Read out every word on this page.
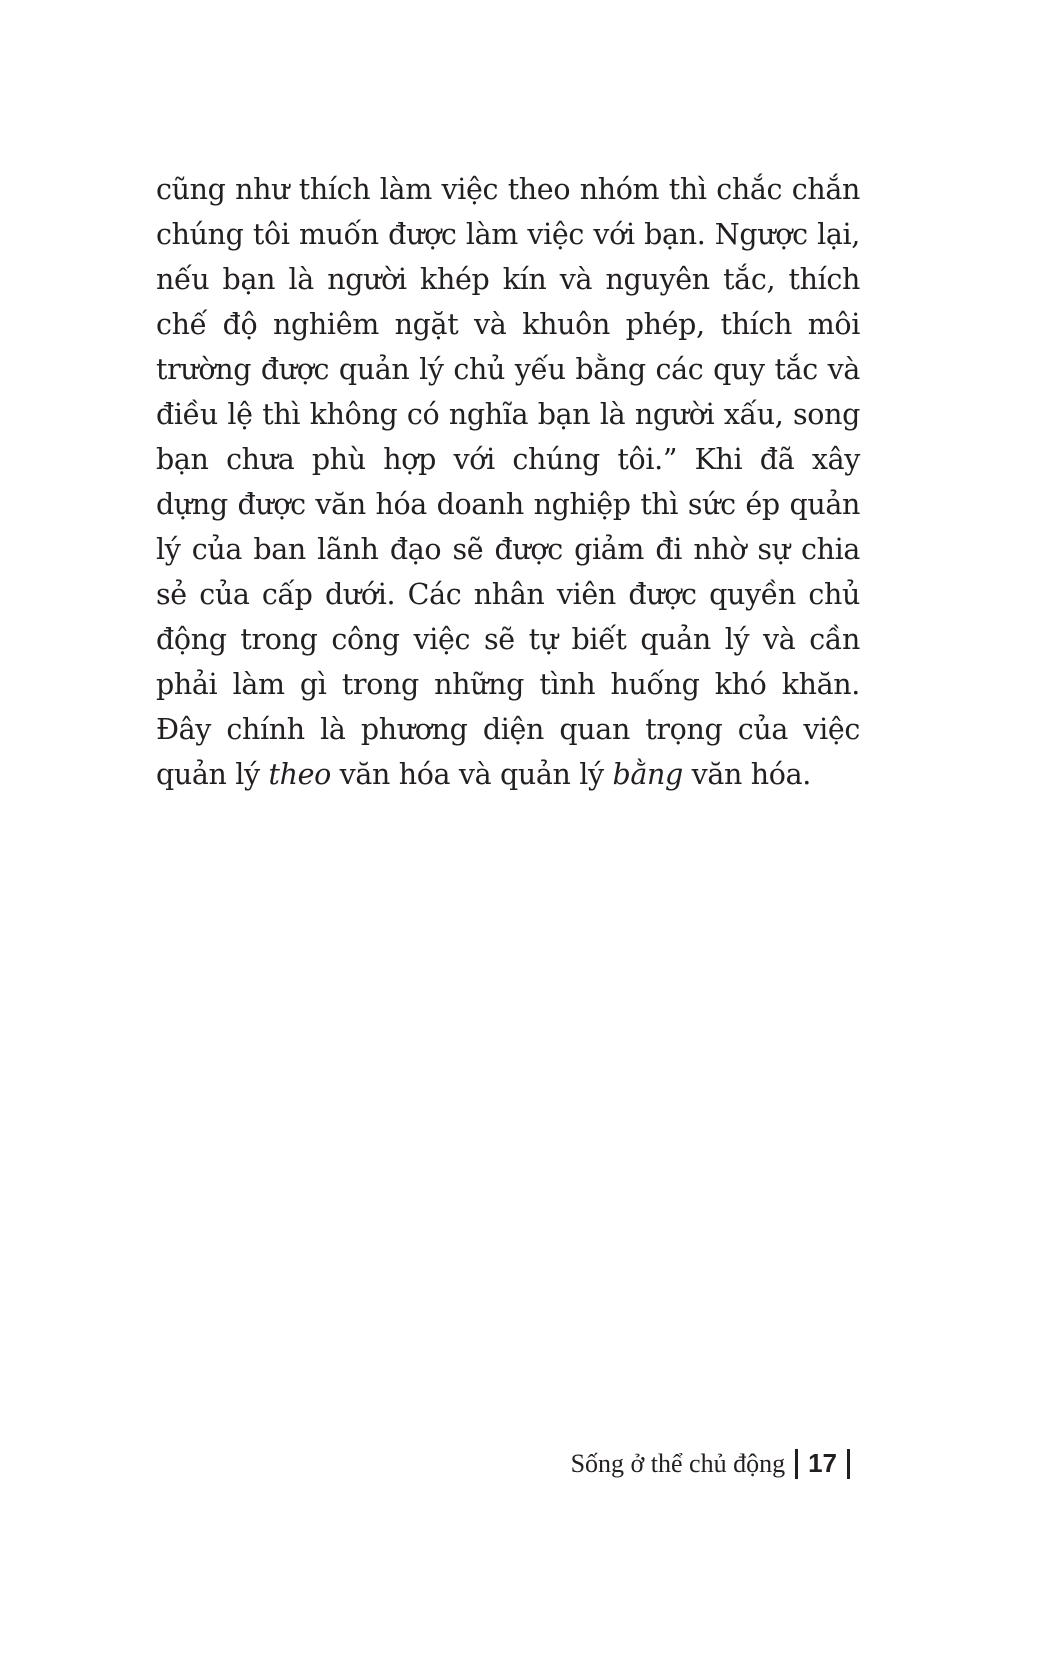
cũng như thích làm việc theo nhóm thì chắc chắn chúng tôi muốn được làm việc với bạn. Ngược lại, nếu bạn là người khép kín và nguyên tắc, thích chế độ nghiêm ngặt và khuôn phép, thích môi trường được quản lý chủ yếu bằng các quy tắc và điều lệ thì không có nghĩa bạn là người xấu, song bạn chưa phù hợp với chúng tôi.” Khi đã xây dựng được văn hóa doanh nghiệp thì sức ép quản lý của ban lãnh đạo sẽ được giảm đi nhờ sự chia sẻ của cấp dưới. Các nhân viên được quyền chủ động trong công việc sẽ tự biết quản lý và cần phải làm gì trong những tình huống khó khăn. Đây chính là phương diện quan trọng của việc quản lý theo văn hóa và quản lý bằng văn hóa.

Sống ở thể chủ động 17
